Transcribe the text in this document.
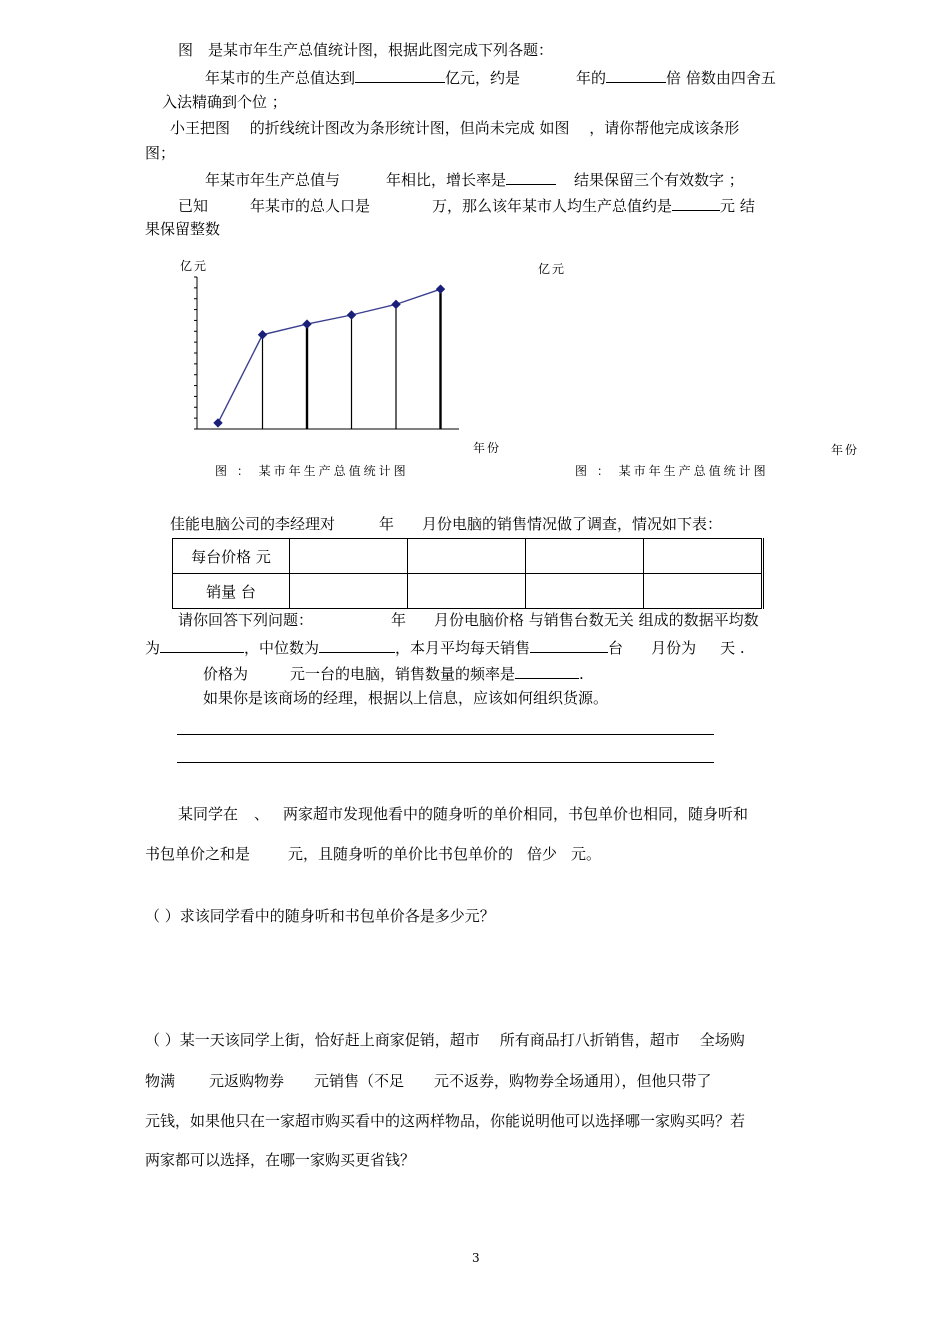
图　是某市年生产总值统计图，根据此图完成下列各题：
年某市的生产总值达到	亿元，约是	年的	倍 倍数由四舍五
入法精确到个位 ；
小王把图　 的折线统计图改为条形统计图，但尚未完成 如图　 ，请你帮他完成该条形
图；
年某市年生产总值与	年相比，增长率是	结果保留三个有效数字 ；
已知	年某市的总人口是	万，那么该年某市人均生产总值约是	元 结
果保留整数
亿元
年份
图 ： 某市年生产总值统计图
亿元
年份
图 ： 某市年生产总值统计图
佳能电脑公司的李经理对	年 月份电脑的销售情况做了调查，情况如下表：
每台价格 元				
销量 台				
请你回答下列问题：	年 月份电脑价格 与销售台数无关 组成的数据平均数
为	，中位数为	，本月平均每天销售	台 月份为 天 .
价格为	元一台的电脑，销售数量的频率是	.
如果你是该商场的经理，根据以上信息，应该如何组织货源。
某同学在 、 两家超市发现他看中的随身听的单价相同，书包单价也相同，随身听和
书包单价之和是	元，且随身听的单价比书包单价的 倍少 元。
（ ）求该同学看中的随身听和书包单价各是多少元？
（ ）某一天该同学上街，恰好赶上商家促销，超市 所有商品打八折销售，超市 全场购
物满 元返购物券 元销售（不足 元不返券，购物券全场通用），但他只带了
元钱，如果他只在一家超市购买看中的这两样物品，你能说明他可以选择哪一家购买吗？若
两家都可以选择，在哪一家购买更省钱？
3
